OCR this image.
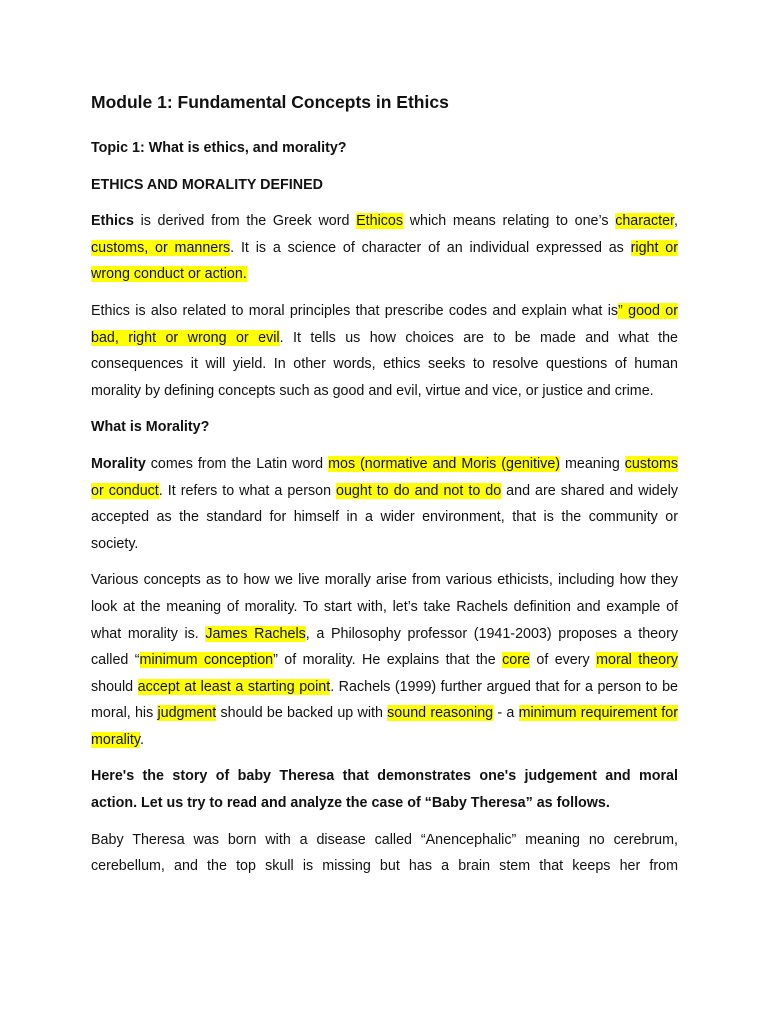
Module 1: Fundamental Concepts in Ethics
Topic 1: What is ethics, and morality?
ETHICS AND MORALITY DEFINED

Ethics is derived from the Greek word Ethicos which means relating to one’s character, customs, or manners. It is a science of character of an individual expressed as right or wrong conduct or action.

Ethics is also related to moral principles that prescribe codes and explain what is” good or bad, right or wrong or evil. It tells us how choices are to be made and what the consequences it will yield. In other words, ethics seeks to resolve questions of human morality by defining concepts such as good and evil, virtue and vice, or justice and crime.

What is Morality?

Morality comes from the Latin word mos (normative and Moris (genitive) meaning customs or conduct. It refers to what a person ought to do and not to do and are shared and widely accepted as the standard for himself in a wider environment, that is the community or society.

Various concepts as to how we live morally arise from various ethicists, including how they look at the meaning of morality. To start with, let’s take Rachels definition and example of what morality is. James Rachels, a Philosophy professor (1941-2003) proposes a theory called “minimum conception” of morality. He explains that the core of every moral theory should accept at least a starting point. Rachels (1999) further argued that for a person to be moral, his judgment should be backed up with sound reasoning - a minimum requirement for morality.

Here's the story of baby Theresa that demonstrates one's judgement and moral action. Let us try to read and analyze the case of “Baby Theresa” as follows.

Baby Theresa was born with a disease called “Anencephalic” meaning no cerebrum, cerebellum, and the top skull is missing but has a brain stem that keeps her from
